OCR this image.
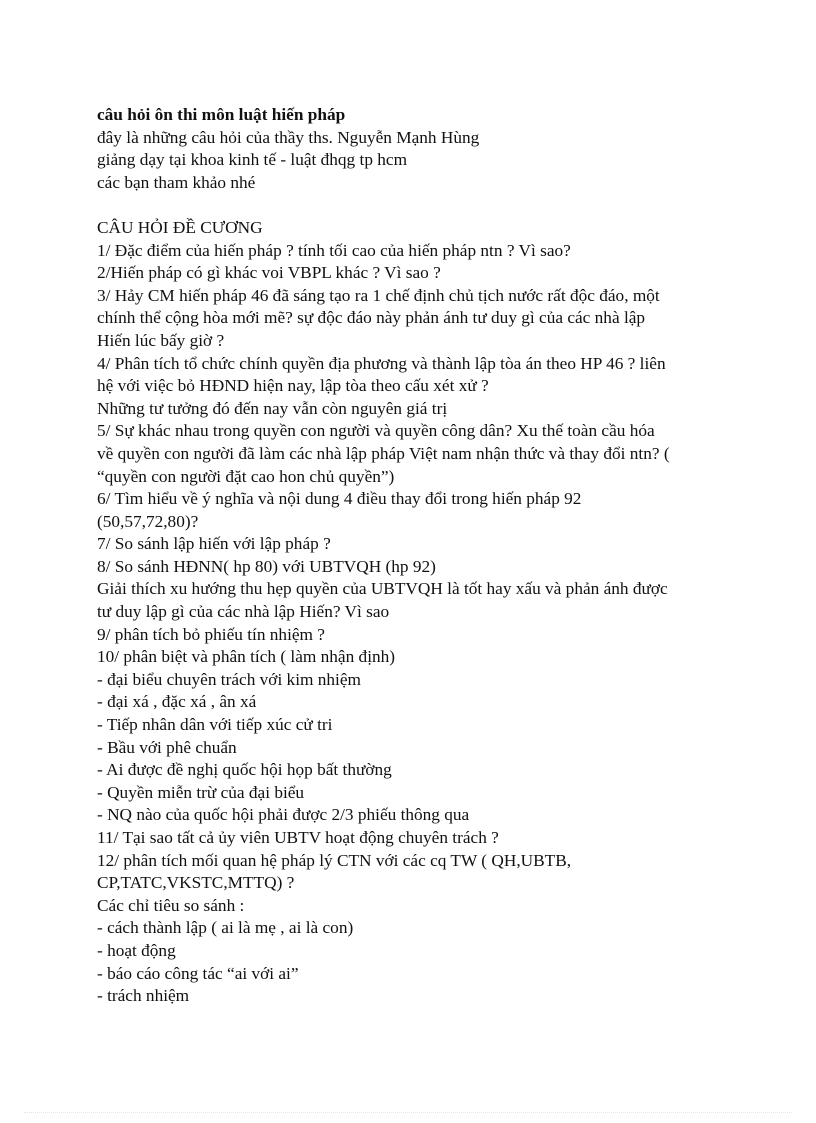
câu hỏi ôn thi môn luật hiến pháp
đây là những câu hỏi của thầy ths. Nguyễn Mạnh Hùng
giảng dạy tại khoa kinh tế - luật đhqg tp hcm
các bạn tham khảo nhé
CÂU HỎI ĐỀ CƯƠNG
1/ Đặc điểm của hiến pháp ? tính tối cao của hiến pháp ntn ? Vì sao?
2/Hiến pháp có gì khác voi VBPL khác ? Vì sao ?
3/ Hảy CM hiến pháp 46 đã sáng tạo ra 1 chế định chủ tịch nước rất độc đáo, một
chính thể cộng hòa mới mẽ? sự độc đáo này phản ánh tư duy gì của các nhà lập
Hiến lúc bấy giờ ?
4/ Phân tích tổ chức chính quyền địa phương và thành lập tòa án theo HP 46 ? liên
hệ với việc bỏ HĐND hiện nay, lập tòa theo cấu xét xử ?
Những tư tưởng đó đến nay vẫn còn nguyên giá trị
5/ Sự khác nhau trong quyền con người và quyền công dân? Xu thế toàn cầu hóa
về quyền con người đã làm các nhà lập pháp Việt nam nhận thức và thay đổi ntn? (
“quyền con người đặt cao hon chủ quyền”)
6/ Tìm hiểu về ý nghĩa và nội dung 4 điều thay đổi trong hiến pháp 92
(50,57,72,80)?
7/ So sánh lập hiến với lập pháp ?
8/ So sánh HĐNN( hp 80) với UBTVQH (hp 92)
Giải thích xu hướng thu hẹp quyền của UBTVQH là tốt hay xấu và phản ánh được
tư duy lập gì của các nhà lập Hiến? Vì sao
9/ phân tích bỏ phiếu tín nhiệm ?
10/ phân biệt và phân tích ( làm nhận định)
- đại biểu chuyên trách với kim nhiệm
- đại xá , đặc xá , ân xá
- Tiếp nhân dân với tiếp xúc cử tri
- Bầu với phê chuẩn
- Ai được đề nghị quốc hội họp bất thường
- Quyền miễn trừ của đại biểu
- NQ nào của quốc hội phải được 2/3 phiếu thông qua
11/ Tại sao tất cả ủy viên UBTV hoạt động chuyên trách ?
12/ phân tích mối quan hệ pháp lý CTN với các cq TW ( QH,UBTB,
CP,TATC,VKSTC,MTTQ) ?
Các chỉ tiêu so sánh :
- cách thành lập ( ai là mẹ , ai là con)
- hoạt động
- báo cáo công tác “ai với ai”
- trách nhiệm
